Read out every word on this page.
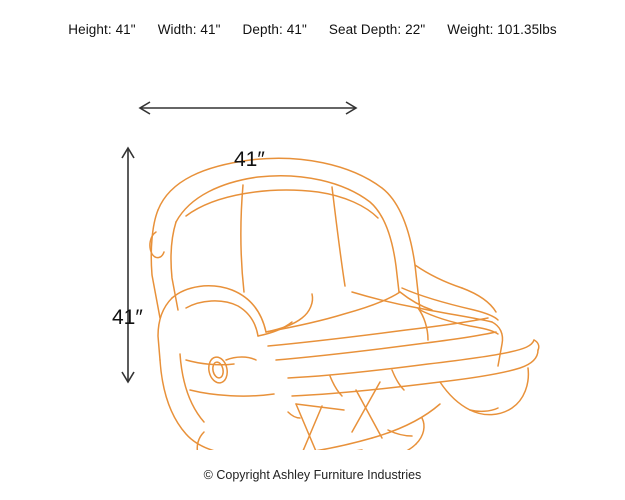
Height: 41" Width: 41" Depth: 41" Seat Depth: 22" Weight: 101.35lbs
41″
41″
© Copyright Ashley Furniture Industries
